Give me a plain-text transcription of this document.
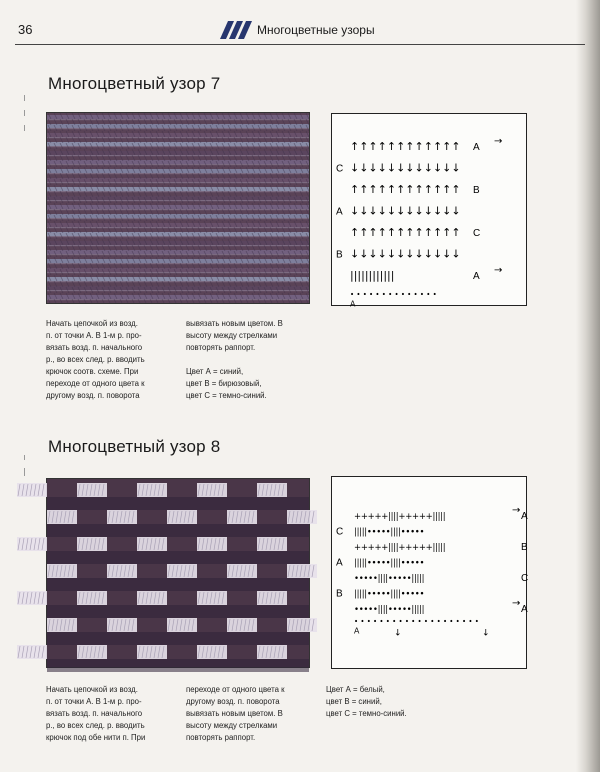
36	Многоцветные узоры
Многоцветный узор 7
↑↑↑↑↑↑↑↑↑↑↑↑ A
→
C ↓↓↓↓↓↓↓↓↓↓↓↓
↑↑↑↑↑↑↑↑↑↑↑↑ B
A ↓↓↓↓↓↓↓↓↓↓↓↓
↑↑↑↑↑↑↑↑↑↑↑↑ C
B ↓↓↓↓↓↓↓↓↓↓↓↓
||||||||||||	A
→
• • • • • • • • • • • • • •
A

Начать цепочкой из возд.

п. от точки А. В 1-м р. про-

вязать возд. п. начального

р., во всех след. р. вводить

крючок соотв. схеме. При

переходе от одного цвета к

другому возд. п. поворота

вывязать новым цветом. В

высоту между стрелками

повторять раппорт.

Цвет А = синий,

цвет В = бирюзовый,

цвет С = темно-синий.

Многоцветный узор 8
+++++||||+++++|||||	A
→
C |||||•••••||||•••••
+++++||||+++++|||||	B
A |||||•••••||||•••••
•••••||||•••••|||||	C
B |||||•••••||||•••••
•••••||||•••••|||||	A
→
• • • • • • • • • • • • • • • • • • • •
A	↓	↓

Начать цепочкой из возд.

п. от точки А. В 1-м р. про-

вязать возд. п. начального

р., во всех след. р. вводить

крючок под обе нити п. При

переходе от одного цвета к

другому возд. п. поворота

вывязать новым цветом. В

высоту между стрелками

повторять раппорт.

Цвет А = белый,

цвет В = синий,

цвет С = темно-синий.
